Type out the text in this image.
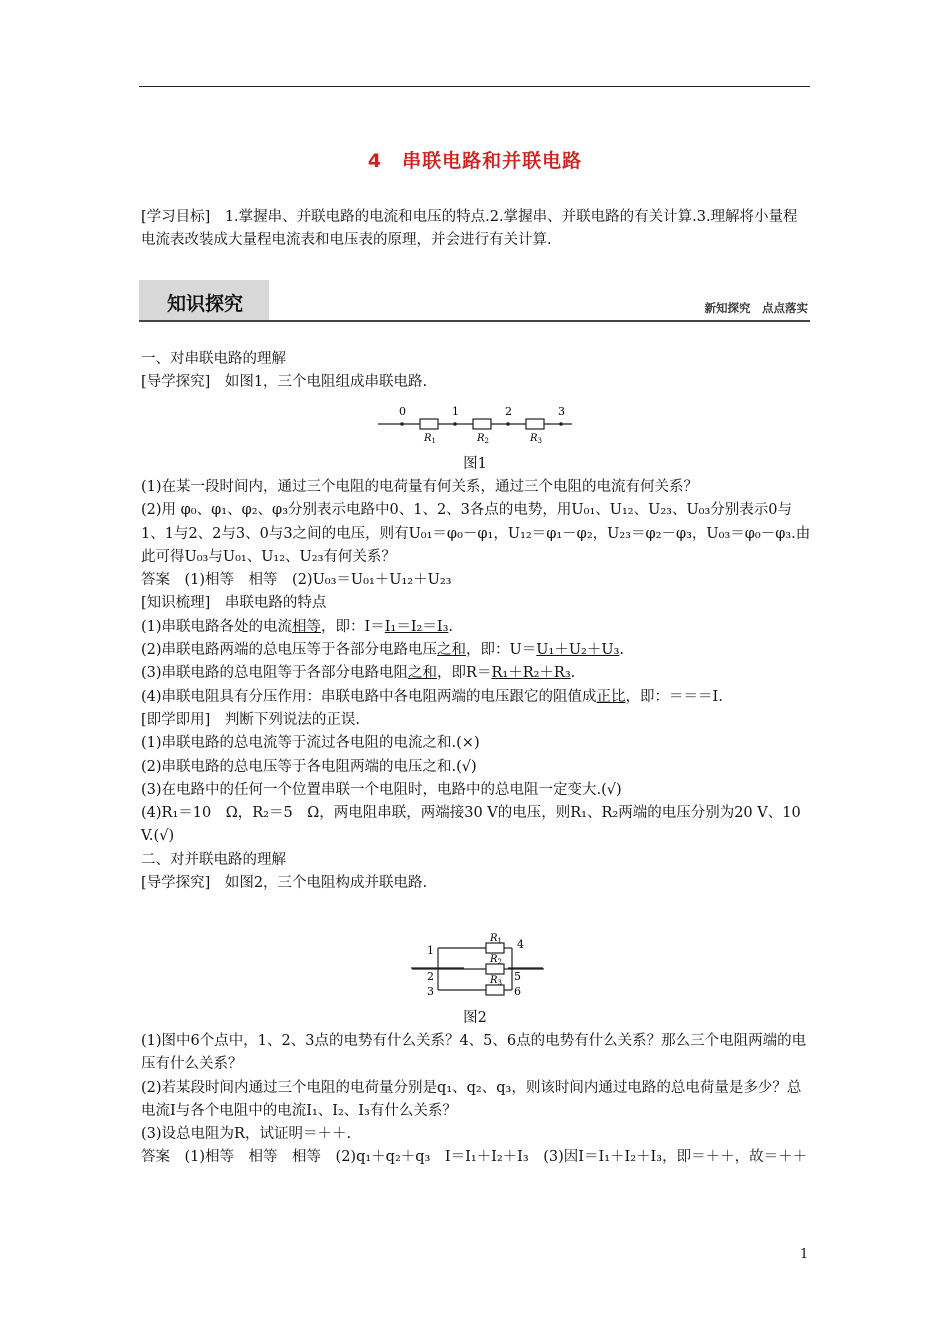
4　串联电路和并联电路
[学习目标]　1.掌握串、并联电路的电流和电压的特点.2.掌握串、并联电路的有关计算.3.理解将小量程电流表改装成大量程电流表和电压表的原理，并会进行有关计算.
知识探究	新知探究　点点落实
一、对串联电路的理解
[导学探究]　如图1，三个电阻组成串联电路.
0	1	2	3
$R_1$	$R_2$	$R_3$
图1
(1)在某一段时间内，通过三个电阻的电荷量有何关系，通过三个电阻的电流有何关系？
(2)用 φ₀、φ₁、φ₂、φ₃分别表示电路中0、1、2、3各点的电势，用U₀₁、U₁₂、U₂₃、U₀₃分别表示0与1、1与2、2与3、0与3之间的电压，则有U₀₁＝φ₀－φ₁，U₁₂＝φ₁－φ₂，U₂₃＝φ₂－φ₃，U₀₃＝φ₀－φ₃.由此可得U₀₃与U₀₁、U₁₂、U₂₃有何关系？
答案　(1)相等　相等　(2)U₀₃＝U₀₁＋U₁₂＋U₂₃
[知识梳理]　串联电路的特点
(1)串联电路各处的电流相等，即：I＝I₁＝I₂＝I₃.
(2)串联电路两端的总电压等于各部分电路电压之和，即：U＝U₁＋U₂＋U₃.
(3)串联电路的总电阻等于各部分电路电阻之和，即R＝R₁＋R₂＋R₃.
(4)串联电阻具有分压作用：串联电路中各电阻两端的电压跟它的阻值成正比，即：＝＝＝I.
[即学即用]　判断下列说法的正误.
(1)串联电路的总电流等于流过各电阻的电流之和.(×)
(2)串联电路的总电压等于各电阻两端的电压之和.(√)
(3)在电路中的任何一个位置串联一个电阻时，电路中的总电阻一定变大.(√)
(4)R₁＝10　Ω，R₂＝5　Ω，两电阻串联，两端接30 V的电压，则R₁、R₂两端的电压分别为20 V、10 V.(√)
二、对并联电路的理解
[导学探究]　如图2，三个电阻构成并联电路.
$R_1$
$R_2$
$R_3$
1
2
3
4
5
6
图2
(1)图中6个点中，1、2、3点的电势有什么关系？4、5、6点的电势有什么关系？那么三个电阻两端的电压有什么关系？
(2)若某段时间内通过三个电阻的电荷量分别是q₁、q₂、q₃，则该时间内通过电路的总电荷量是多少？总电流I与各个电阻中的电流I₁、I₂、I₃有什么关系？
(3)设总电阻为R，试证明＝＋＋.
答案　(1)相等　相等　相等　(2)q₁＋q₂＋q₃　I＝I₁＋I₂＋I₃　(3)因I＝I₁＋I₂＋I₃，即＝＋＋，故＝＋＋
1
